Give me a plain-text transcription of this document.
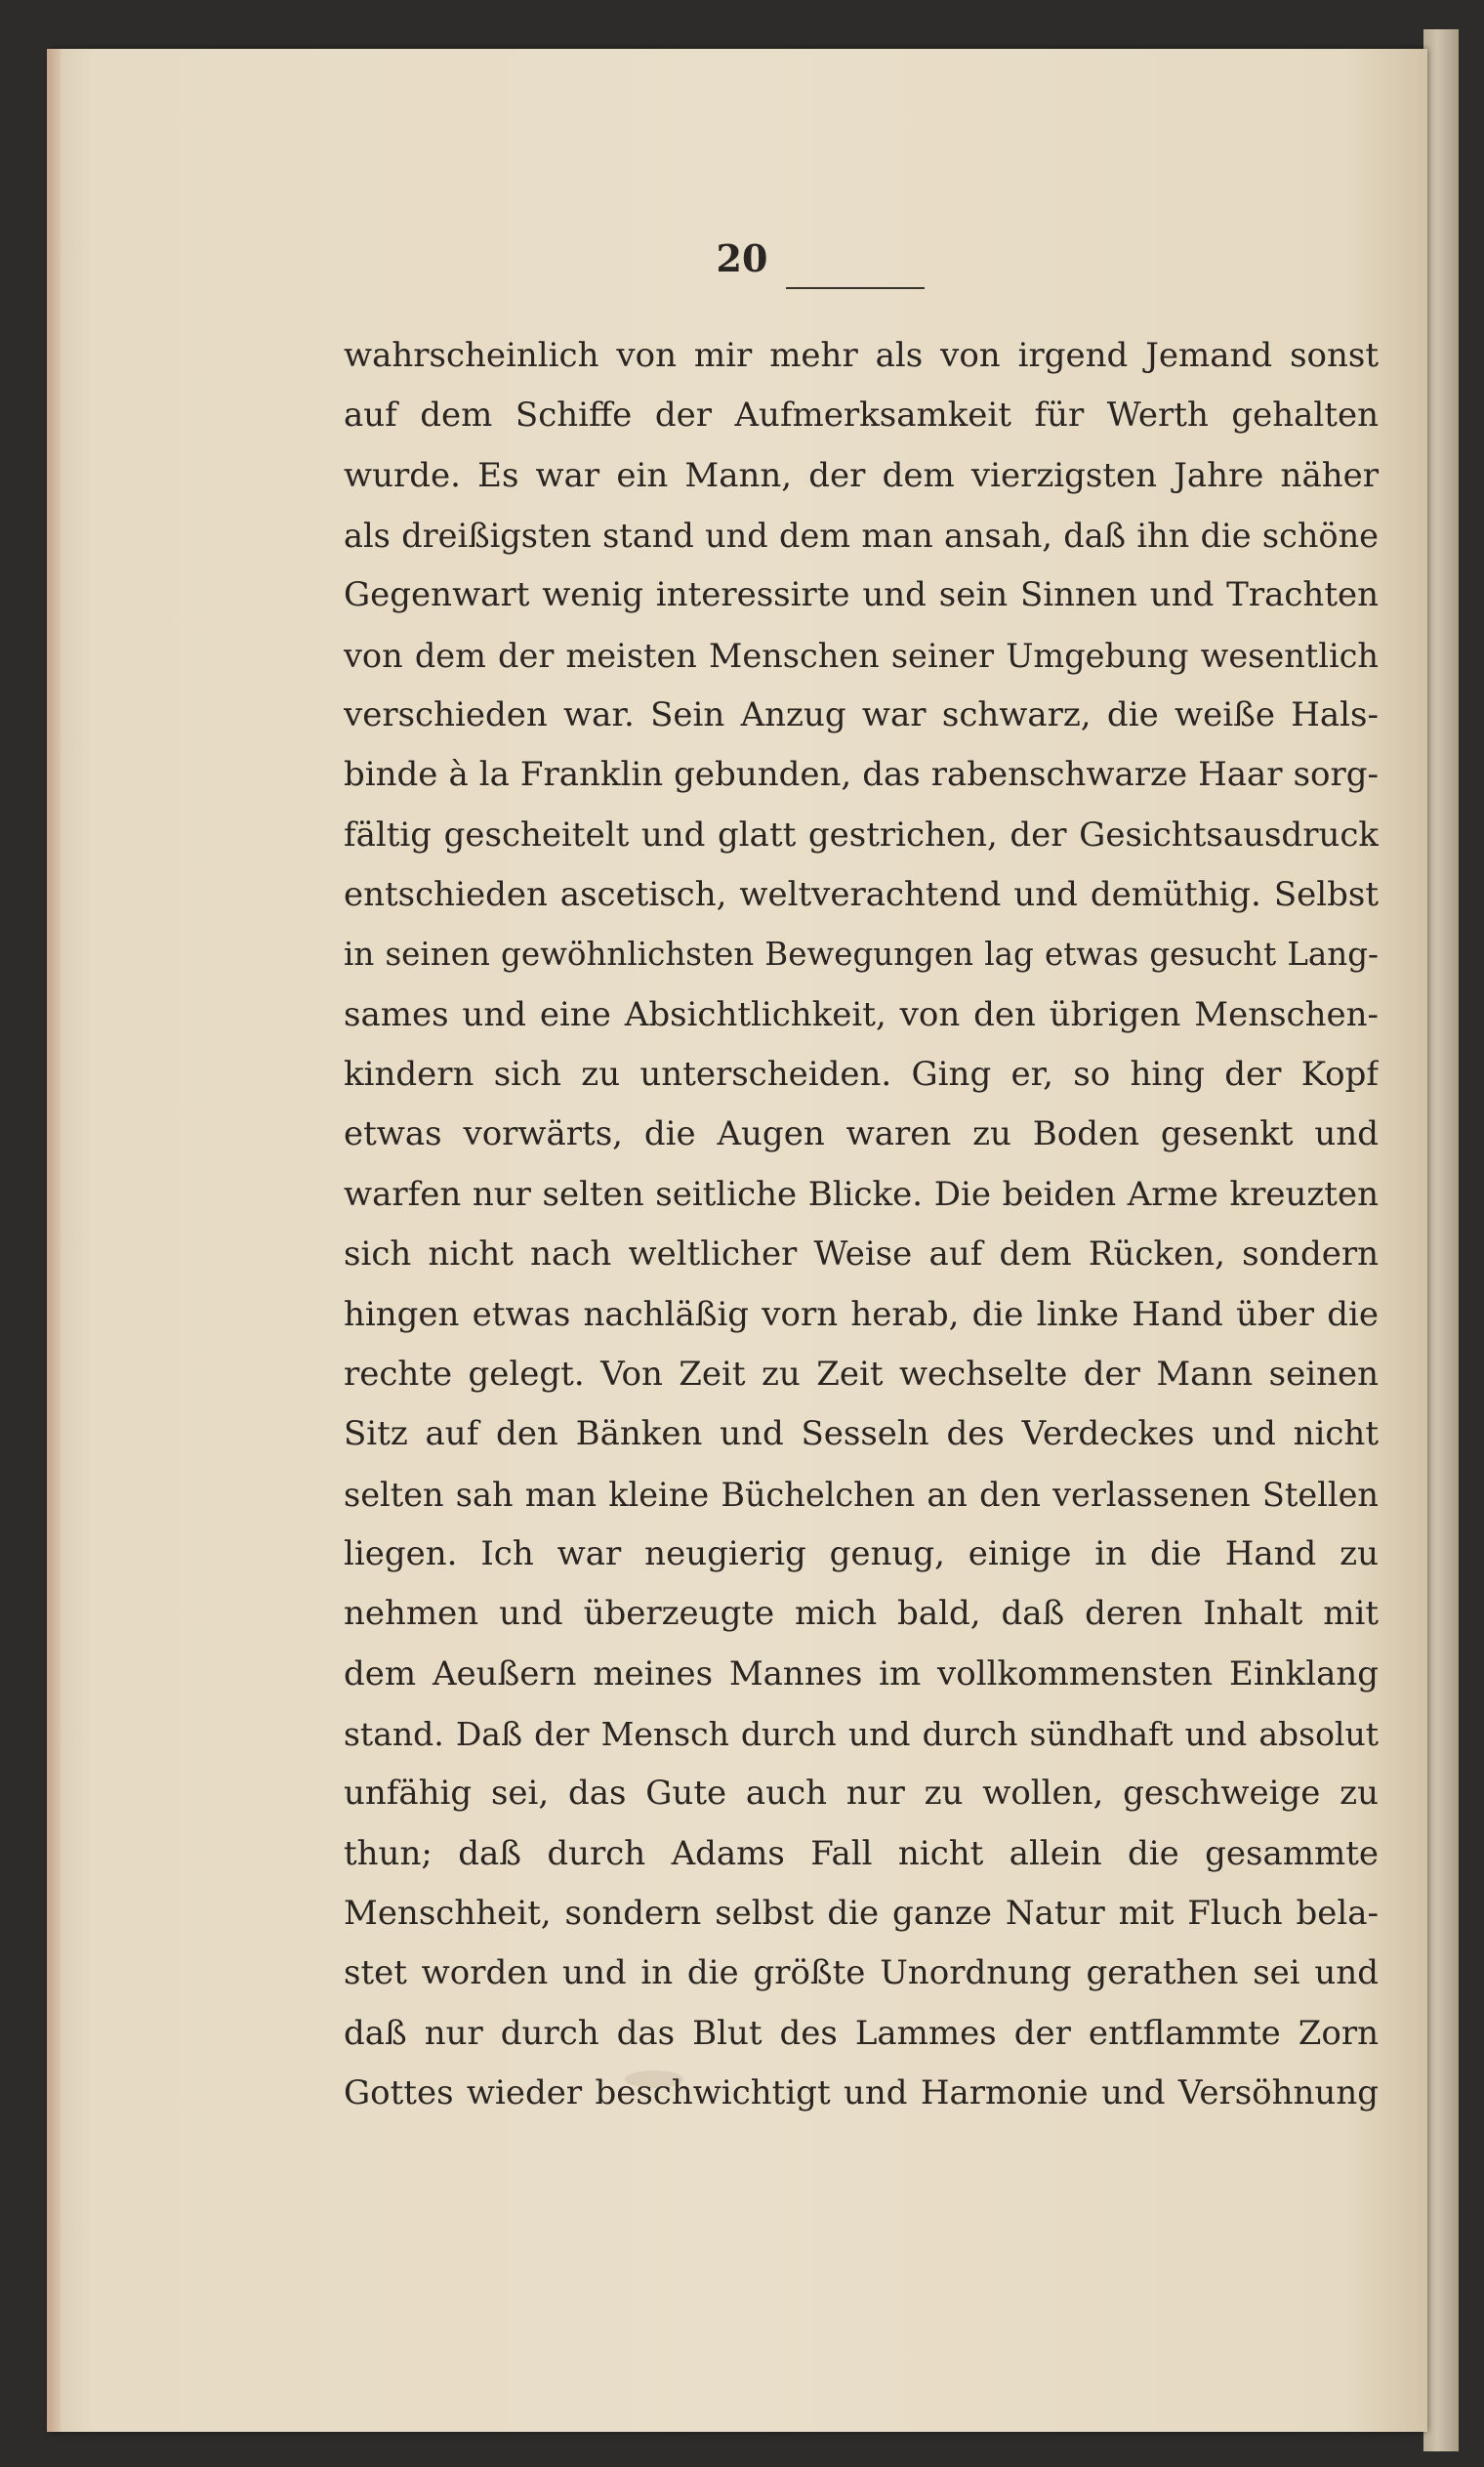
20
wahrscheinlich von mir mehr als von irgend Jemand sonst
auf dem Schiffe der Aufmerksamkeit für Werth gehalten
wurde. Es war ein Mann, der dem vierzigsten Jahre näher
als dreißigsten stand und dem man ansah, daß ihn die schöne
Gegenwart wenig interessirte und sein Sinnen und Trachten
von dem der meisten Menschen seiner Umgebung wesentlich
verschieden war. Sein Anzug war schwarz, die weiße Hals-
binde à la Franklin gebunden, das rabenschwarze Haar sorg-
fältig gescheitelt und glatt gestrichen, der Gesichtsausdruck
entschieden ascetisch, weltverachtend und demüthig. Selbst
in seinen gewöhnlichsten Bewegungen lag etwas gesucht Lang-
sames und eine Absichtlichkeit, von den übrigen Menschen-
kindern sich zu unterscheiden. Ging er, so hing der Kopf
etwas vorwärts, die Augen waren zu Boden gesenkt und
warfen nur selten seitliche Blicke. Die beiden Arme kreuzten
sich nicht nach weltlicher Weise auf dem Rücken, sondern
hingen etwas nachläßig vorn herab, die linke Hand über die
rechte gelegt. Von Zeit zu Zeit wechselte der Mann seinen
Sitz auf den Bänken und Sesseln des Verdeckes und nicht
selten sah man kleine Büchelchen an den verlassenen Stellen
liegen. Ich war neugierig genug, einige in die Hand zu
nehmen und überzeugte mich bald, daß deren Inhalt mit
dem Aeußern meines Mannes im vollkommensten Einklang
stand. Daß der Mensch durch und durch sündhaft und absolut
unfähig sei, das Gute auch nur zu wollen, geschweige zu
thun; daß durch Adams Fall nicht allein die gesammte
Menschheit, sondern selbst die ganze Natur mit Fluch bela-
stet worden und in die größte Unordnung gerathen sei und
daß nur durch das Blut des Lammes der entflammte Zorn
Gottes wieder beschwichtigt und Harmonie und Versöhnung
